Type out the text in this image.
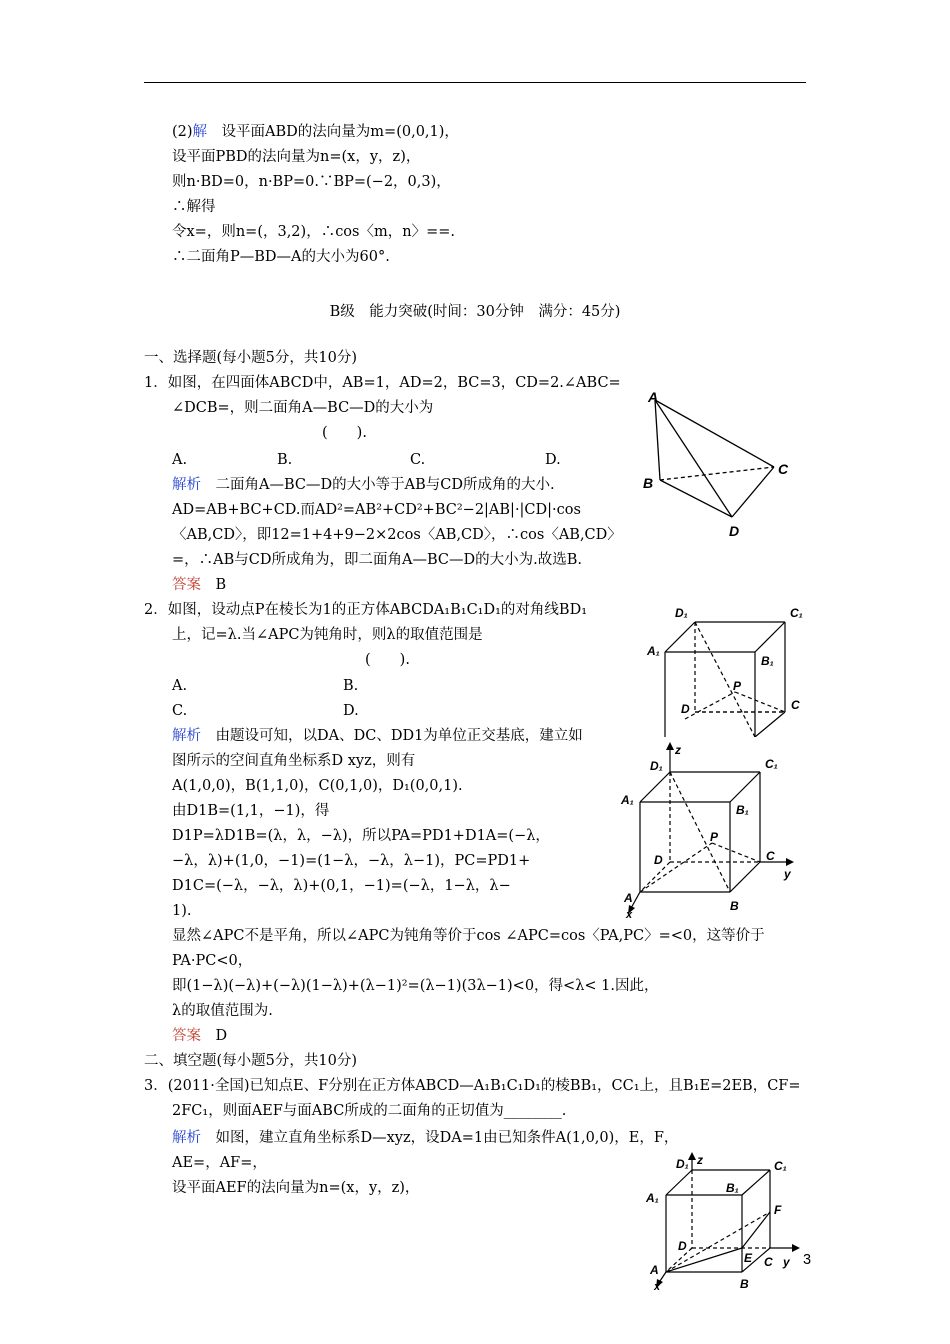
(2)解　 设平面ABD的法向量为m=(0,0,1)，
设平面PBD的法向量为n=(x，y，z)，
则n·BD=0，n·BP=0.∵BP=(−2，0,3)，
∴解得
令x=，则n=(，3,2)，∴cos〈m，n〉==.
∴二面角P—BD—A的大小为60°.
B级　能力突破(时间：30分钟　满分：45分)
一、选择题(每小题5分，共10分)
1．如图，在四面体ABCD中，AB=1，AD=2，BC=3，CD=2.∠ABC=
∠DCB=，则二面角A—BC—D的大小为
(　　).
A.	B.	C.	D.
解析　 二面角A—BC—D的大小等于AB与CD所成角的大小.
AD=AB+BC+CD.而AD²=AB²+CD²+BC²−2|AB|·|CD|·cos
〈AB,CD〉，即12=1+4+9−2×2cos〈AB,CD〉，∴cos〈AB,CD〉
=，∴AB与CD所成角为，即二面角A—BC—D的大小为.故选B.
答案　 B
2．如图，设动点P在棱长为1的正方体ABCDA₁B₁C₁D₁的对角线BD₁
上，记=λ.当∠APC为钝角时，则λ的取值范围是
(　　).
A.	B.
C.	D.
解析　 由题设可知，以DA、DC、DD1为单位正交基底，建立如
图所示的空间直角坐标系D xyz，则有
A(1,0,0)，B(1,1,0)，C(0,1,0)，D₁(0,0,1).
由D1B=(1,1，−1)，得
D1P=λD1B=(λ，λ，−λ)，所以PA=PD1+D1A=(−λ，
−λ，λ)+(1,0，−1)=(1−λ，−λ，λ−1)，PC=PD1+
D1C=(−λ，−λ，λ)+(0,1，−1)=(−λ，1−λ，λ−
1).
显然∠APC不是平角，所以∠APC为钝角等价于cos ∠APC=cos〈PA,PC〉=<0，这等价于
PA·PC<0，
即(1−λ)(−λ)+(−λ)(1−λ)+(λ−1)²=(λ−1)(3λ−1)<0，得<λ< 1.因此，
λ的取值范围为.
答案　 D
二、填空题(每小题5分，共10分)
3．(2011·全国)已知点E、F分别在正方体ABCD—A₁B₁C₁D₁的棱BB₁，CC₁上，且B₁E=2EB，CF=
2FC₁，则面AEF与面ABC所成的二面角的正切值为________.
解析　 如图，建立直角坐标系D—xyz，设DA=1由已知条件A(1,0,0)，E，F，
AE=，AF=，
设平面AEF的法向量为n=(x，y，z)，
A
B
C
D
D₁	C₁
A₁
B₁
P
D	C
D₁
z
C₁
A₁
B₁
P
D	C
y
A
x
B
D₁ z	C₁
A₁
B₁
F
D
E
A
x	B
C y 3
